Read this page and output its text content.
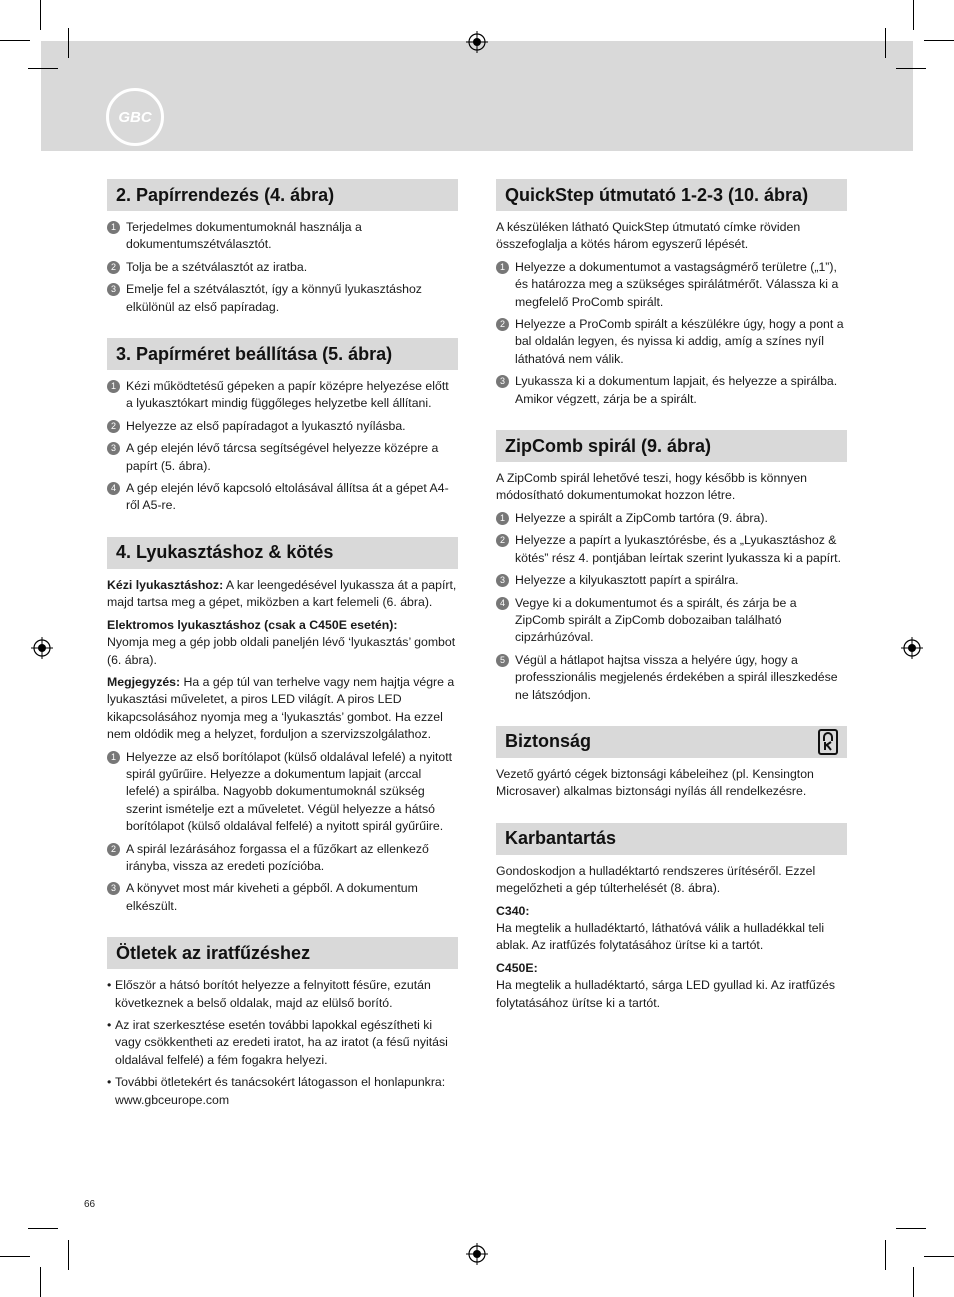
GBC
2. Papírrendezés (4. ábra)
1 Terjedelmes dokumentumoknál használja a dokumentumszétválasztót.
2 Tolja be a szétválasztót az iratba.
3 Emelje fel a szétválasztót, így a könnyű lyukasztáshoz elkülönül az első papíradag.
3. Papírméret beállítása (5. ábra)
1 Kézi működtetésű gépeken a papír középre helyezése előtt a lyukasztókart mindig függőleges helyzetbe kell állítani.
2 Helyezze az első papíradagot a lyukasztó nyílásba.
3 A gép elején lévő tárcsa segítségével helyezze középre a papírt (5. ábra).
4 A gép elején lévő kapcsoló eltolásával állítsa át a gépet A4-ről A5-re.
4. Lyukasztáshoz & kötés

Kézi lyukasztáshoz: A kar leengedésével lyukassza át a papírt, majd tartsa meg a gépet, miközben a kart felemeli (6. ábra).

Elektromos lyukasztáshoz (csak a C450E esetén):

Nyomja meg a gép jobb oldali paneljén lévő ‘lyukasztás’ gombot (6. ábra).

Megjegyzés: Ha a gép túl van terhelve vagy nem hajtja végre a lyukasztási műveletet, a piros LED világít. A piros LED kikapcsolásához nyomja meg a ‘lyukasztás’ gombot. Ha ezzel nem oldódik meg a helyzet, forduljon a szervizszolgálathoz.

1 Helyezze az első borítólapot (külső oldalával lefelé) a nyitott spirál gyűrűire. Helyezze a dokumentum lapjait (arccal lefelé) a spirálba. Nagyobb dokumentumoknál szükség szerint ismételje ezt a műveletet. Végül helyezze a hátsó borítólapot (külső oldalával felfelé) a nyitott spirál gyűrűire.
2 A spirál lezárásához forgassa el a fűzőkart az ellenkező irányba, vissza az eredeti pozícióba.
3 A könyvet most már kiveheti a gépből. A dokumentum elkészült.
Ötletek az iratfűzéshez
• Először a hátsó borítót helyezze a felnyitott fésűre, ezután következnek a belső oldalak, majd az elülső borító.
• Az irat szerkesztése esetén további lapokkal egészítheti ki vagy csökkentheti az eredeti iratot, ha az iratot (a fésű nyitási oldalával felfelé) a fém fogakra helyezi.
• További ötletekért és tanácsokért látogasson el honlapunkra: www.gbceurope.com
QuickStep útmutató 1-2-3 (10. ábra)

A készüléken látható QuickStep útmutató címke röviden összefoglalja a kötés három egyszerű lépését.

1 Helyezze a dokumentumot a vastagságmérő területre („1”), és határozza meg a szükséges spirálátmérőt. Válassza ki a megfelelő ProComb spirált.
2 Helyezze a ProComb spirált a készülékre úgy, hogy a pont a bal oldalán legyen, és nyissa ki addig, amíg a színes nyíl láthatóvá nem válik.
3 Lyukassza ki a dokumentum lapjait, és helyezze a spirálba. Amikor végzett, zárja be a spirált.
ZipComb spirál (9. ábra)

A ZipComb spirál lehetővé teszi, hogy később is könnyen módosítható dokumentumokat hozzon létre.

1 Helyezze a spirált a ZipComb tartóra (9. ábra).
2 Helyezze a papírt a lyukasztórésbe, és a „Lyukasztáshoz & kötés” rész 4. pontjában leírtak szerint lyukassza ki a papírt.
3 Helyezze a kilyukasztott papírt a spirálra.
4 Vegye ki a dokumentumot és a spirált, és zárja be a ZipComb spirált a ZipComb dobozaiban található cipzárhúzóval.
5 Végül a hátlapot hajtsa vissza a helyére úgy, hogy a professzionális megjelenés érdekében a spirál illeszkedése ne látszódjon.
Biztonság

Vezető gyártó cégek biztonsági kábeleihez (pl. Kensington Microsaver) alkalmas biztonsági nyílás áll rendelkezésre.

Karbantartás

Gondoskodjon a hulladéktartó rendszeres ürítéséről. Ezzel megelőzheti a gép túlterhelését (8. ábra).

C340:

Ha megtelik a hulladéktartó, láthatóvá válik a hulladékkal teli ablak. Az iratfűzés folytatásához ürítse ki a tartót.

C450E:

Ha megtelik a hulladéktartó, sárga LED gyullad ki. Az iratfűzés folytatásához ürítse ki a tartót.

66
